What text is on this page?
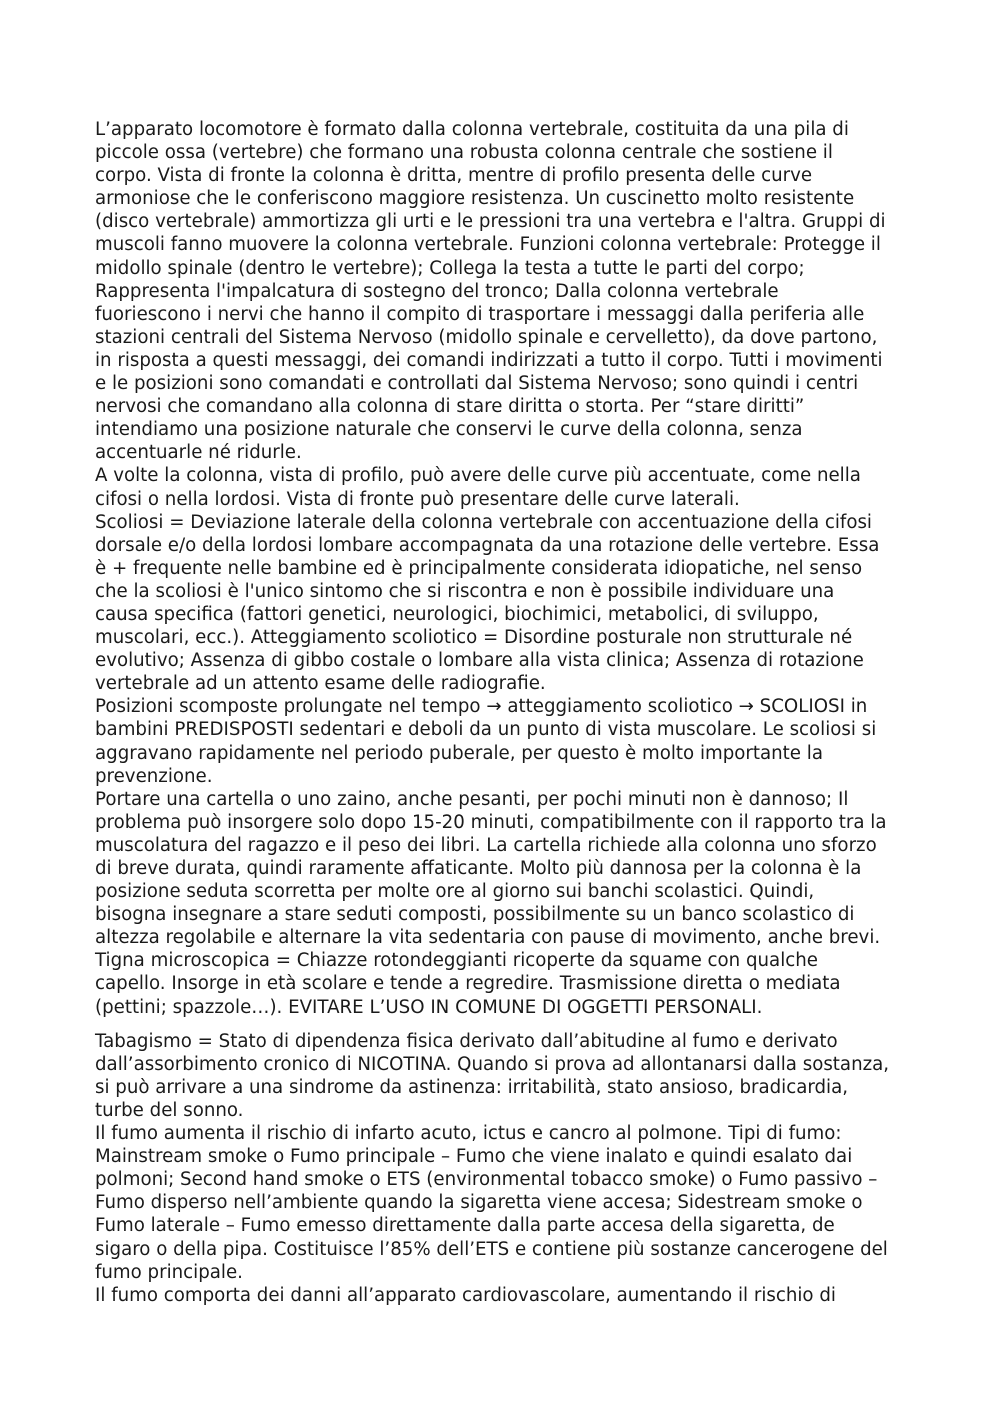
L’apparato locomotore è formato dalla colonna vertebrale, costituita da una pila di
piccole ossa (vertebre) che formano una robusta colonna centrale che sostiene il
corpo. Vista di fronte la colonna è dritta, mentre di profilo presenta delle curve
armoniose che le conferiscono maggiore resistenza. Un cuscinetto molto resistente
(disco vertebrale) ammortizza gli urti e le pressioni tra una vertebra e l'altra. Gruppi di
muscoli fanno muovere la colonna vertebrale. Funzioni colonna vertebrale: Protegge il
midollo spinale (dentro le vertebre); Collega la testa a tutte le parti del corpo;
Rappresenta l'impalcatura di sostegno del tronco; Dalla colonna vertebrale
fuoriescono i nervi che hanno il compito di trasportare i messaggi dalla periferia alle
stazioni centrali del Sistema Nervoso (midollo spinale e cervelletto), da dove partono,
in risposta a questi messaggi, dei comandi indirizzati a tutto il corpo. Tutti i movimenti
e le posizioni sono comandati e controllati dal Sistema Nervoso; sono quindi i centri
nervosi che comandano alla colonna di stare diritta o storta. Per “stare diritti”
intendiamo una posizione naturale che conservi le curve della colonna, senza
accentuarle né ridurle.
A volte la colonna, vista di profilo, può avere delle curve più accentuate, come nella
cifosi o nella lordosi. Vista di fronte può presentare delle curve laterali.
Scoliosi = Deviazione laterale della colonna vertebrale con accentuazione della cifosi
dorsale e/o della lordosi lombare accompagnata da una rotazione delle vertebre. Essa
è + frequente nelle bambine ed è principalmente considerata idiopatiche, nel senso
che la scoliosi è l'unico sintomo che si riscontra e non è possibile individuare una
causa specifica (fattori genetici, neurologici, biochimici, metabolici, di sviluppo,
muscolari, ecc.). Atteggiamento scoliotico = Disordine posturale non strutturale né
evolutivo; Assenza di gibbo costale o lombare alla vista clinica; Assenza di rotazione
vertebrale ad un attento esame delle radiografie.
Posizioni scomposte prolungate nel tempo → atteggiamento scoliotico → SCOLIOSI in
bambini PREDISPOSTI sedentari e deboli da un punto di vista muscolare. Le scoliosi si
aggravano rapidamente nel periodo puberale, per questo è molto importante la
prevenzione.
Portare una cartella o uno zaino, anche pesanti, per pochi minuti non è dannoso; Il
problema può insorgere solo dopo 15-20 minuti, compatibilmente con il rapporto tra la
muscolatura del ragazzo e il peso dei libri. La cartella richiede alla colonna uno sforzo
di breve durata, quindi raramente affaticante. Molto più dannosa per la colonna è la
posizione seduta scorretta per molte ore al giorno sui banchi scolastici. Quindi,
bisogna insegnare a stare seduti composti, possibilmente su un banco scolastico di
altezza regolabile e alternare la vita sedentaria con pause di movimento, anche brevi.
Tigna microscopica = Chiazze rotondeggianti ricoperte da squame con qualche
capello. Insorge in età scolare e tende a regredire. Trasmissione diretta o mediata
(pettini; spazzole…). EVITARE L’USO IN COMUNE DI OGGETTI PERSONALI.
Tabagismo = Stato di dipendenza fisica derivato dall’abitudine al fumo e derivato
dall’assorbimento cronico di NICOTINA. Quando si prova ad allontanarsi dalla sostanza,
si può arrivare a una sindrome da astinenza: irritabilità, stato ansioso, bradicardia,
turbe del sonno.
Il fumo aumenta il rischio di infarto acuto, ictus e cancro al polmone. Tipi di fumo:
Mainstream smoke o Fumo principale – Fumo che viene inalato e quindi esalato dai
polmoni; Second hand smoke o ETS (environmental tobacco smoke) o Fumo passivo –
Fumo disperso nell’ambiente quando la sigaretta viene accesa; Sidestream smoke o
Fumo laterale – Fumo emesso direttamente dalla parte accesa della sigaretta, de
sigaro o della pipa. Costituisce l’85% dell’ETS e contiene più sostanze cancerogene del
fumo principale.
Il fumo comporta dei danni all’apparato cardiovascolare, aumentando il rischio di
